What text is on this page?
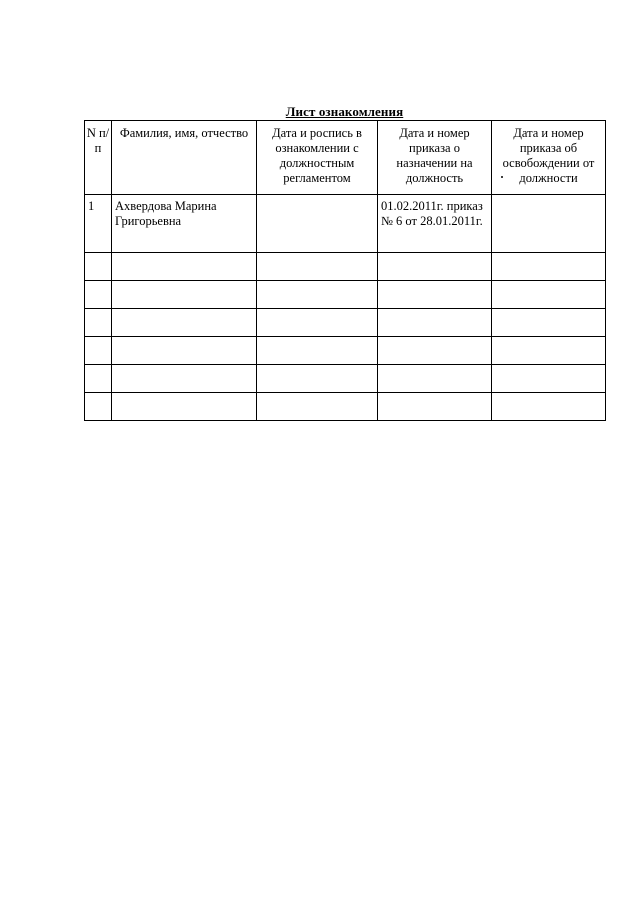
Лист ознакомления
N п/п	Фамилия, имя, отчество	Дата и роспись в ознакомлении с должностным регламентом	Дата и номер приказа о назначении на должность	Дата и номер приказа об освобождении от должности
1	Ахвердова Марина Григорьевна		01.02.2011г. приказ № 6 от 28.01.2011г.	
